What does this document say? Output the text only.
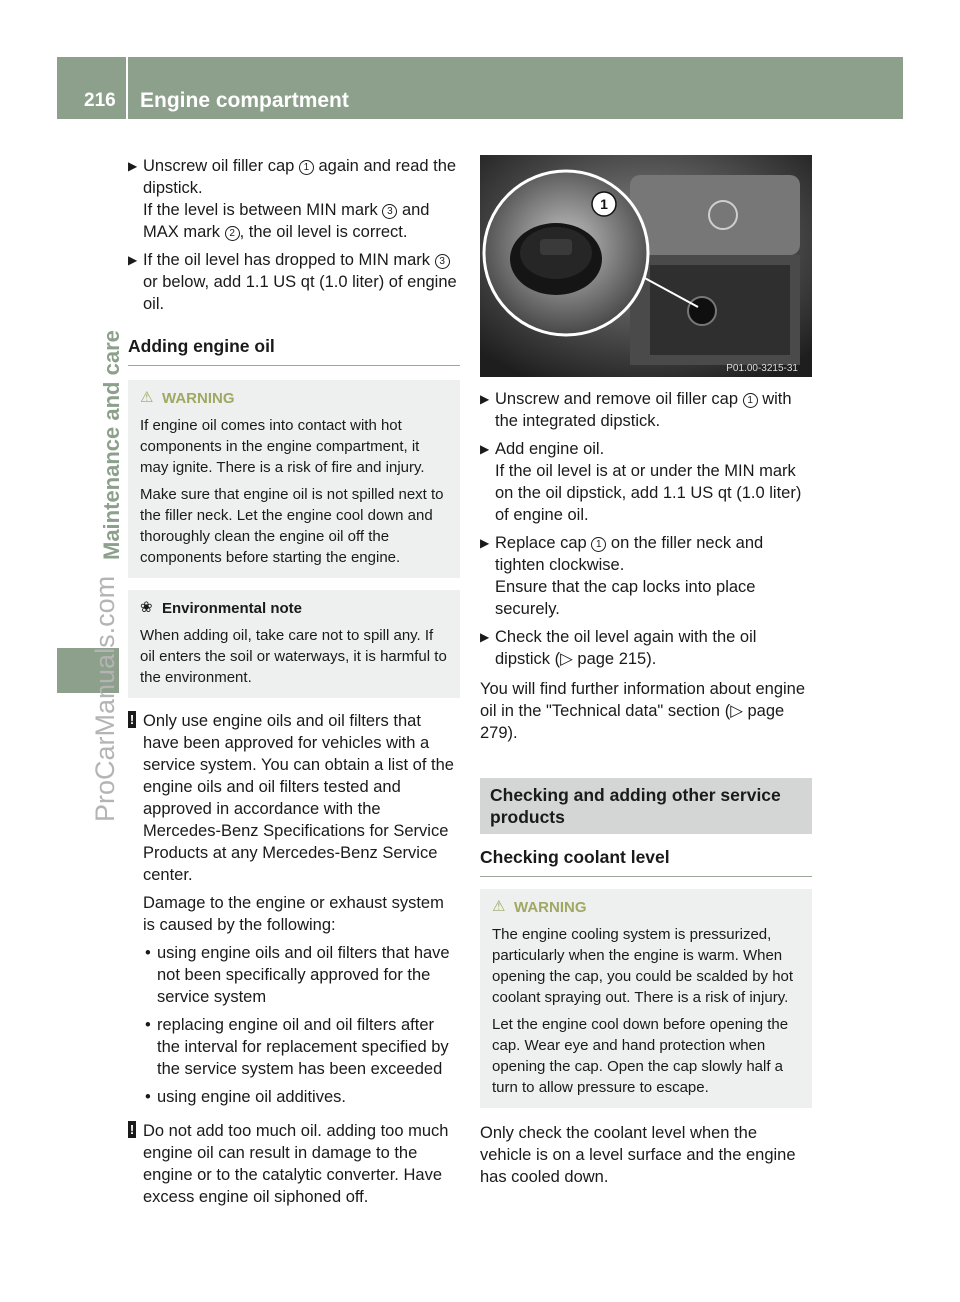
216 Engine compartment
Maintenance and care
ProCarManuals.com
▶ Unscrew oil filler cap 1 again and read the dipstick.

If the level is between MIN mark 3 and MAX mark 2 , the oil level is correct.

▶ If the oil level has dropped to MIN mark 3 or below, add 1.1 US qt (1.0 liter) of engine oil.

Adding engine oil
⚠ WARNING

If engine oil comes into contact with hot components in the engine compartment, it may ignite. There is a risk of fire and injury.

Make sure that engine oil is not spilled next to the filler neck. Let the engine cool down and thoroughly clean the engine oil off the components before starting the engine.

❀ Environmental note

When adding oil, take care not to spill any. If oil enters the soil or waterways, it is harmful to the environment.

! Only use engine oils and oil filters that have been approved for vehicles with a service system. You can obtain a list of the engine oils and oil filters tested and approved in accordance with the Mercedes-Benz Specifications for Service Products at any Mercedes-Benz Service center.

Damage to the engine or exhaust system is caused by the following:

• using engine oils and oil filters that have not been specifically approved for the service system
• replacing engine oil and oil filters after the interval for replacement specified by the service system has been exceeded
• using engine oil additives.
! Do not add too much oil. adding too much engine oil can result in damage to the engine or to the catalytic converter. Have excess engine oil siphoned off.

1
P01.00-3215-31
▶ Unscrew and remove oil filler cap 1 with the integrated dipstick.

▶ Add engine oil.

If the oil level is at or under the MIN mark on the oil dipstick, add 1.1 US qt (1.0 liter) of engine oil.

▶ Replace cap 1 on the filler neck and tighten clockwise.

Ensure that the cap locks into place securely.

▶ Check the oil level again with the oil dipstick (▷ page 215).

You will find further information about engine oil in the "Technical data" section (▷ page 279).

Checking and adding other service products
Checking coolant level
⚠ WARNING

The engine cooling system is pressurized, particularly when the engine is warm. When opening the cap, you could be scalded by hot coolant spraying out. There is a risk of injury.

Let the engine cool down before opening the cap. Wear eye and hand protection when opening the cap. Open the cap slowly half a turn to allow pressure to escape.

Only check the coolant level when the vehicle is on a level surface and the engine has cooled down.
